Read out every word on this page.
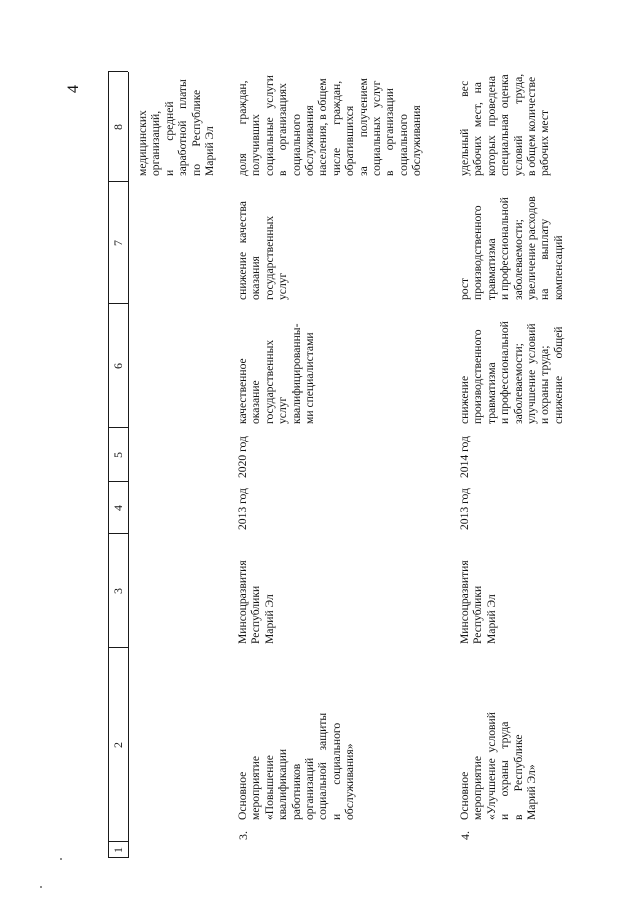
4
1
2
3
4
5
6
7
8 медицинских
организаций,
и          средней
заработной    платы
по      Республике
Марий Эл
3.
Основное
мероприятие
«Повышение
квалификации
работников
организаций
социальной    защиты
и          социального
обслуживания»
Минсоцразвития
Республики
Марий Эл
2013 год
2020 год
качественное
оказание
государственных
услуг
квалифицированны-
ми специалистами
снижение   качества
оказания
государственных
услуг
доля          граждан,
получивших
социальные   услуги
в       организациях
социального
обслуживания
населения, в общем
числе        граждан,
обратившихся
за          получением
социальных   услуг
в       организации
социального
обслуживания
4.
Основное
мероприятие
«Улучшение  условий
и      охраны    труда
в        Республике
Марий Эл»
Минсоцразвития
Республики
Марий Эл
2013 год
2014 год
снижение
производственного
травматизма
и профессиональной
заболеваемости;
улучшение  условий
и охраны труда;
снижение      общей
рост
производственного
травматизма
и профессиональной
заболеваемости;
увеличение расходов
на          выплату
компенсаций
удельный           вес
рабочих   мест,   на
которых   проведена
специальная  оценка
условий           труда,
в общем количестве
рабочих мест
